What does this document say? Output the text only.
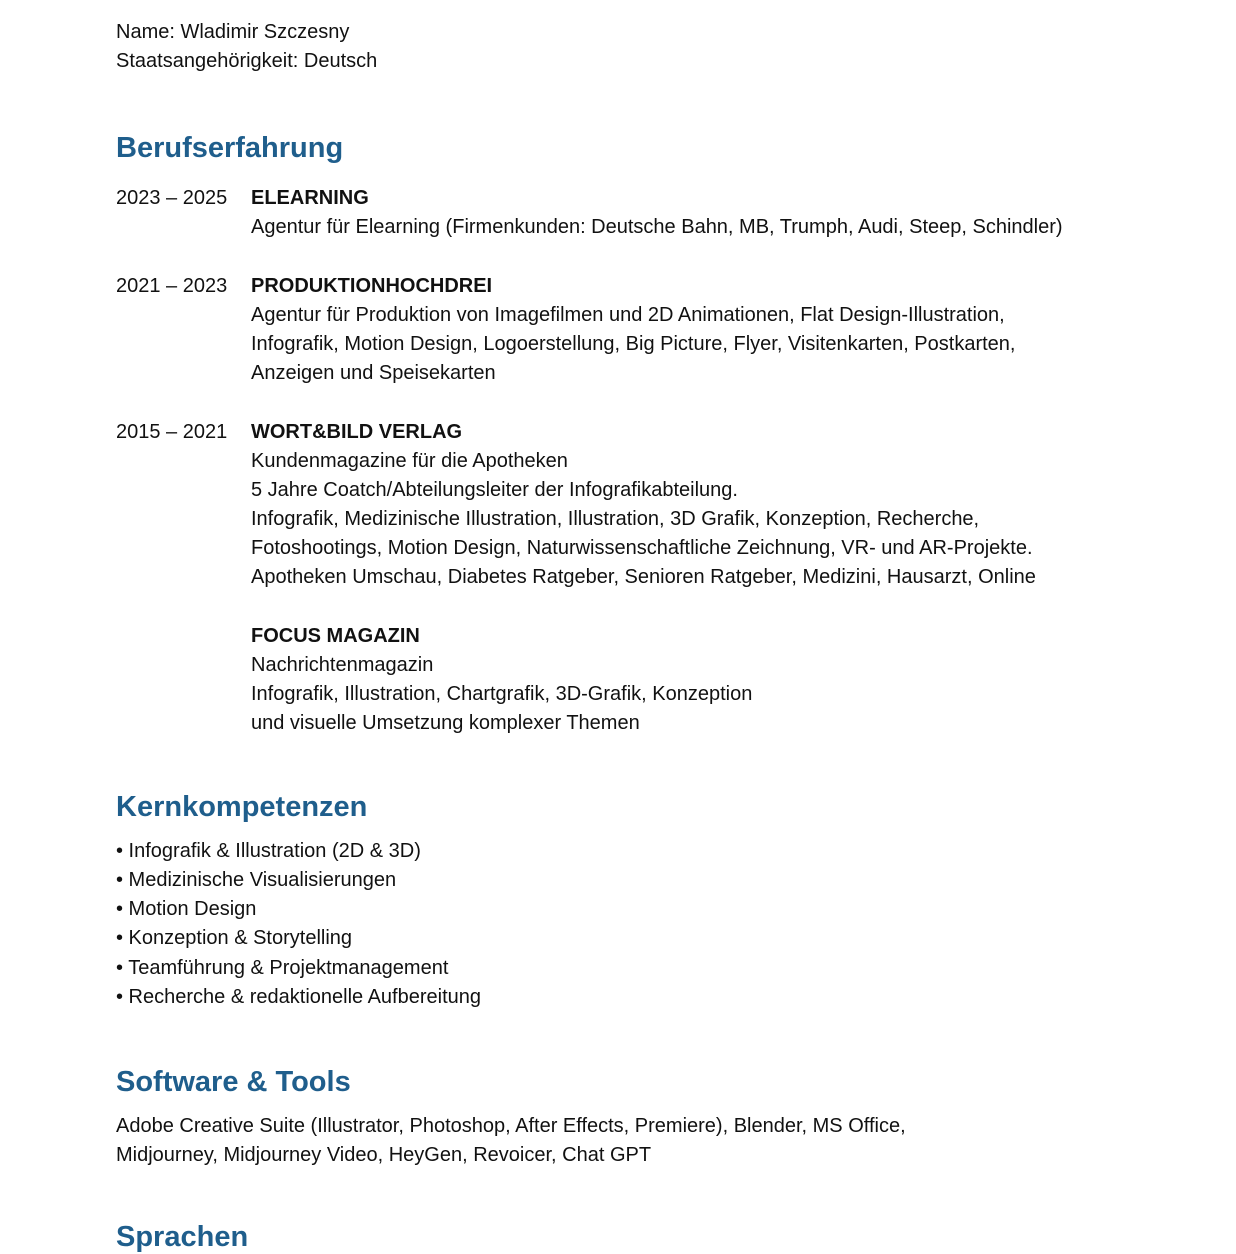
Name: Wladimir Szczesny
Staatsangehörigkeit: Deutsch
Berufserfahrung
2023 – 2025 ELEARNING
Agentur für Elearning (Firmenkunden: Deutsche Bahn, MB, Trumph, Audi, Steep, Schindler)
2021 – 2023 PRODUKTIONHOCHDREI
Agentur für Produktion von Imagefilmen und 2D Animationen, Flat Design-Illustration,
Infografik, Motion Design, Logoerstellung, Big Picture, Flyer, Visitenkarten, Postkarten,
Anzeigen und Speisekarten
2015 – 2021 WORT&BILD VERLAG
Kundenmagazine für die Apotheken
5 Jahre Coatch/Abteilungsleiter der Infografikabteilung.
Infografik, Medizinische Illustration, Illustration, 3D Grafik, Konzeption, Recherche,
Fotoshootings, Motion Design, Naturwissenschaftliche Zeichnung, VR- und AR-Projekte.
Apotheken Umschau, Diabetes Ratgeber, Senioren Ratgeber, Medizini, Hausarzt, Online
FOCUS MAGAZIN
Nachrichtenmagazin
Infografik, Illustration, Chartgrafik, 3D-Grafik, Konzeption
und visuelle Umsetzung komplexer Themen
Kernkompetenzen
• Infografik & Illustration (2D & 3D)
• Medizinische Visualisierungen
• Motion Design
• Konzeption & Storytelling
• Teamführung & Projektmanagement
• Recherche & redaktionelle Aufbereitung
Software & Tools
Adobe Creative Suite (Illustrator, Photoshop, After Effects, Premiere), Blender, MS Office,
Midjourney, Midjourney Video, HeyGen, Revoicer, Chat GPT
Sprachen
